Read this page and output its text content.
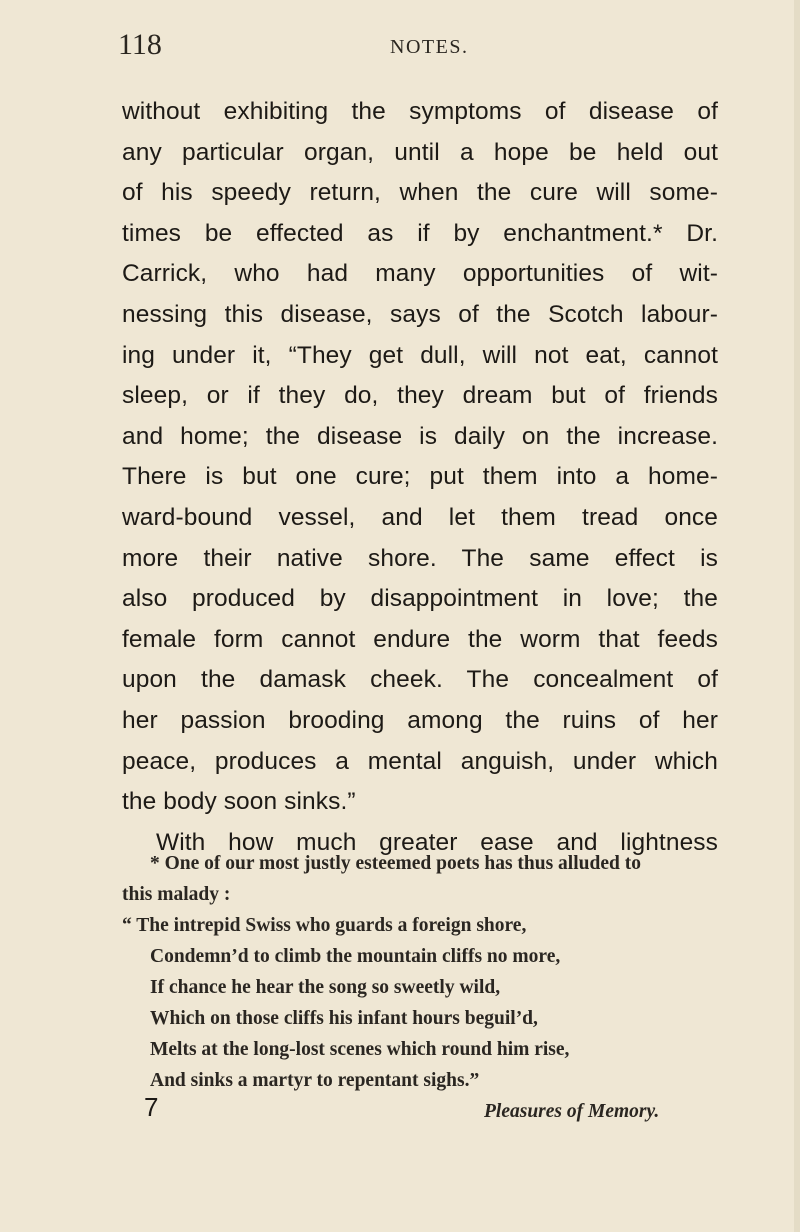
118	NOTES.
without exhibiting the symptoms of disease of
any particular organ, until a hope be held out
of his speedy return, when the cure will some-
times be effected as if by enchantment.* Dr.
Carrick, who had many opportunities of wit-
nessing this disease, says of the Scotch labour-
ing under it, “They get dull, will not eat, cannot
sleep, or if they do, they dream but of friends
and home; the disease is daily on the increase.
There is but one cure; put them into a home-
ward-bound vessel, and let them tread once
more their native shore. The same effect is
also produced by disappointment in love; the
female form cannot endure the worm that feeds
upon the damask cheek. The concealment of
her passion brooding among the ruins of her
peace, produces a mental anguish, under which
the body soon sinks.”
With how much greater ease and lightness
* One of our most justly esteemed poets has thus alluded to
this malady :
“ The intrepid Swiss who guards a foreign shore,
Condemn’d to climb the mountain cliffs no more,
If chance he hear the song so sweetly wild,
Which on those cliffs his infant hours beguil’d,
Melts at the long-lost scenes which round him rise,
And sinks a martyr to repentant sighs.”
Pleasures of Memory.
7
